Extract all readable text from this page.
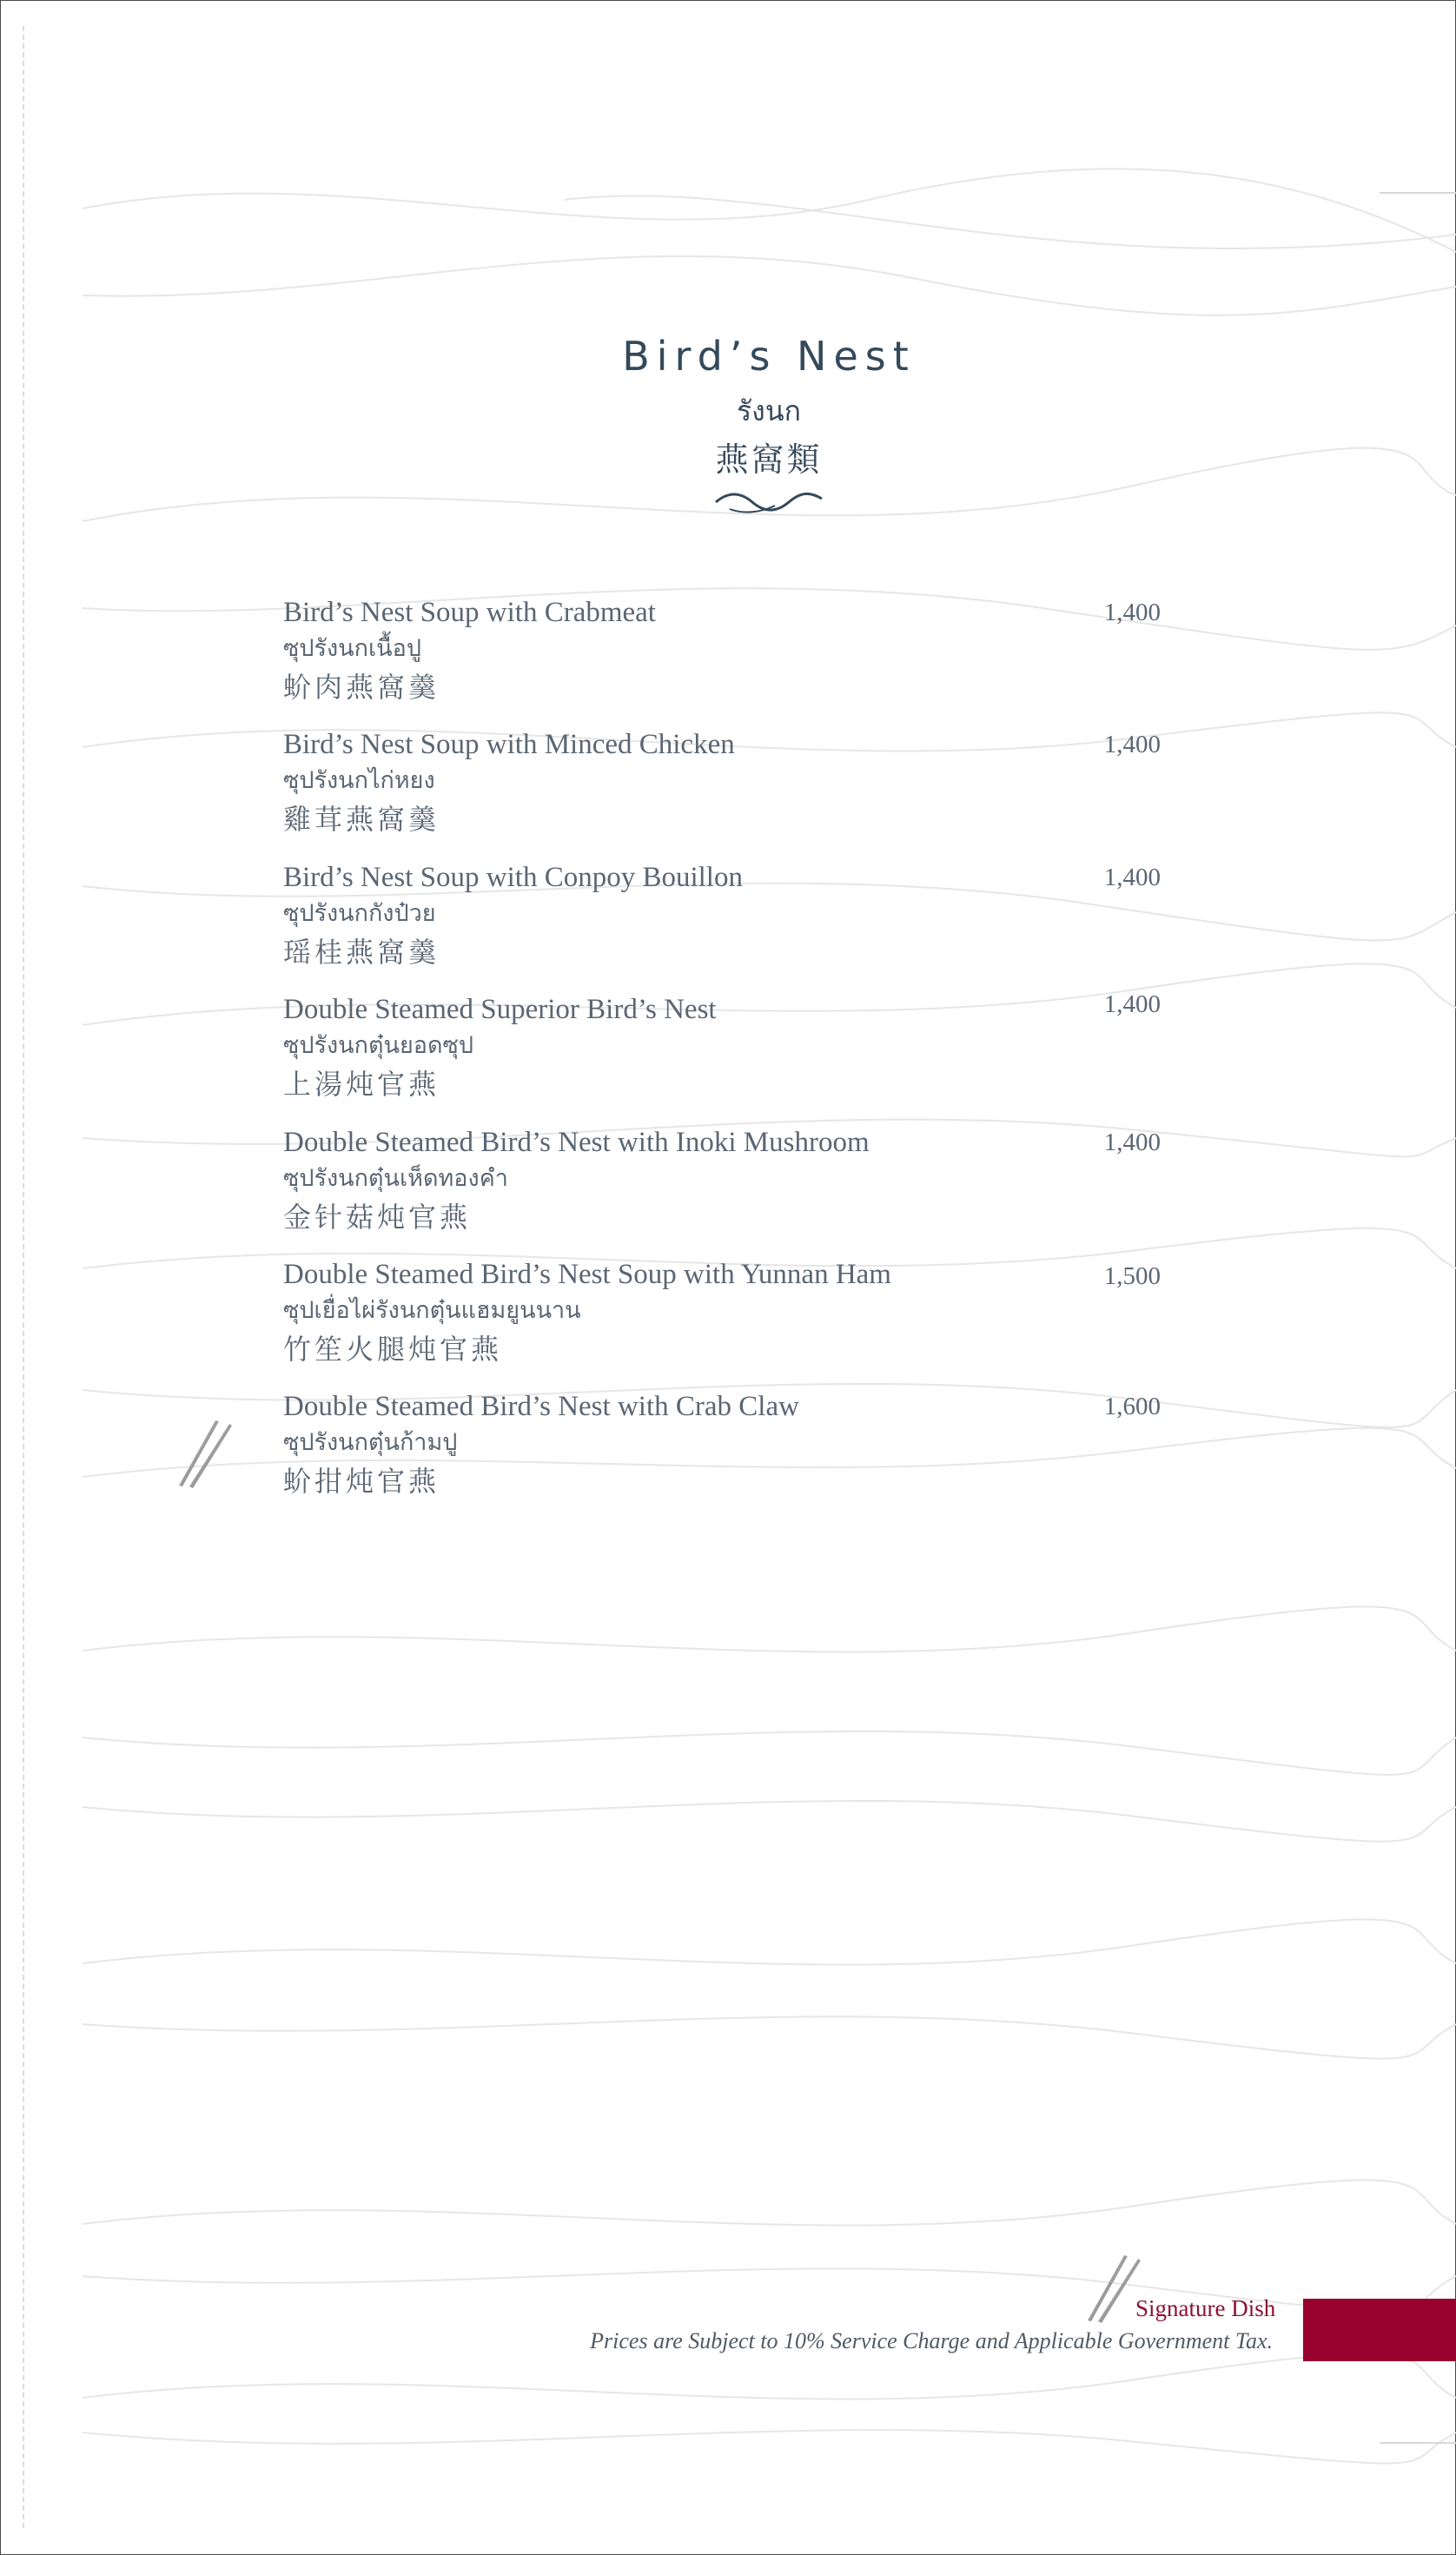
Bird’s Nest
รังนก
燕窩類
Bird’s Nest Soup with Crabmeat
ซุปรังนกเนื้อปู
蚧肉燕窩羹
1,400
Bird’s Nest Soup with Minced Chicken
ซุปรังนกไก่หยง
雞茸燕窩羹
1,400
Bird’s Nest Soup with Conpoy Bouillon
ซุปรังนกกังป๋วย
瑶桂燕窩羹
1,400
Double Steamed Superior Bird’s Nest
ซุปรังนกตุ๋นยอดซุป
上湯炖官燕
1,400
Double Steamed Bird’s Nest with Inoki Mushroom
ซุปรังนกตุ๋นเห็ดทองคำ
金针菇炖官燕
1,400
Double Steamed Bird’s Nest Soup with Yunnan Ham
ซุปเยื่อไผ่รังนกตุ๋นแฮมยูนนาน
竹笙火腿炖官燕
1,500
Double Steamed Bird’s Nest with Crab Claw
ซุปรังนกตุ๋นก้ามปู
蚧拑炖官燕
1,600
Signature Dish
Prices are Subject to 10% Service Charge and Applicable Government Tax.
